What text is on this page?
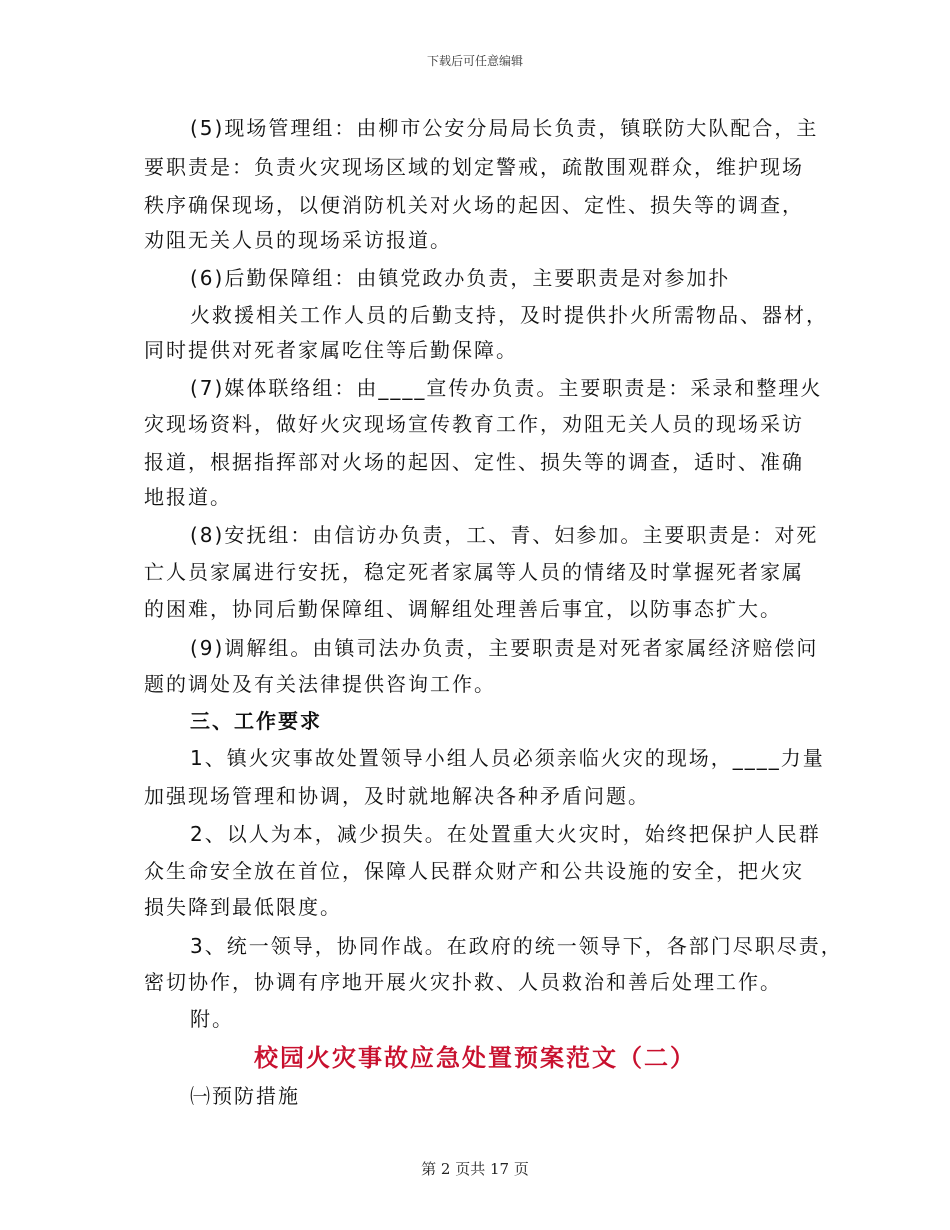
下载后可任意编辑
(5)现场管理组：由柳市公安分局局长负责，镇联防大队配合，主
要职责是：负责火灾现场区域的划定警戒，疏散围观群众，维护现场
秩序确保现场，以便消防机关对火场的起因、定性、损失等的调查，
劝阻无关人员的现场采访报道。
(6)后勤保障组：由镇党政办负责，主要职责是对参加扑
火救援相关工作人员的后勤支持，及时提供扑火所需物品、器材，
同时提供对死者家属吃住等后勤保障。
(7)媒体联络组：由____宣传办负责。主要职责是：采录和整理火
灾现场资料，做好火灾现场宣传教育工作，劝阻无关人员的现场采访
报道，根据指挥部对火场的起因、定性、损失等的调查，适时、准确
地报道。
(8)安抚组：由信访办负责，工、青、妇参加。主要职责是：对死
亡人员家属进行安抚，稳定死者家属等人员的情绪及时掌握死者家属
的困难，协同后勤保障组、调解组处理善后事宜，以防事态扩大。
(9)调解组。由镇司法办负责，主要职责是对死者家属经济赔偿问
题的调处及有关法律提供咨询工作。
三、工作要求
1、镇火灾事故处置领导小组人员必须亲临火灾的现场，____力量
加强现场管理和协调，及时就地解决各种矛盾问题。
2、以人为本，减少损失。在处置重大火灾时，始终把保护人民群
众生命安全放在首位，保障人民群众财产和公共设施的安全，把火灾
损失降到最低限度。
3、统一领导，协同作战。在政府的统一领导下，各部门尽职尽责，
密切协作，协调有序地开展火灾扑救、人员救治和善后处理工作。
附。
校园火灾事故应急处置预案范文（二）
㈠预防措施
第 2 页共 17 页
